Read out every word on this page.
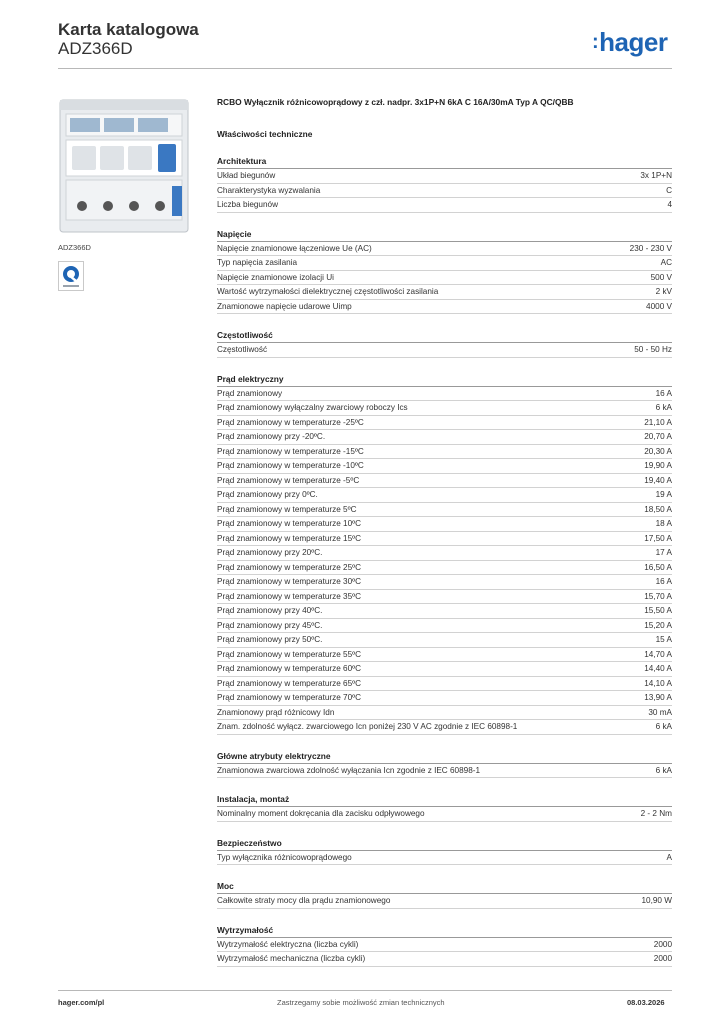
Karta katalogowa
ADZ366D	:hager
ADZ366D
RCBO Wyłącznik różnicowoprądowy z czł. nadpr. 3x1P+N 6kA C 16A/30mA Typ A QC/QBB
Właściwości techniczne
Architektura
Układ biegunów	3x 1P+N
Charakterystyka wyzwalania	C
Liczba biegunów	4
Napięcie
Napięcie znamionowe łączeniowe Ue (AC)	230 - 230 V
Typ napięcia zasilania	AC
Napięcie znamionowe izolacji Ui	500 V
Wartość wytrzymałości dielektrycznej częstotliwości zasilania	2 kV
Znamionowe napięcie udarowe Uimp	4000 V
Częstotliwość
Częstotliwość	50 - 50 Hz
Prąd elektryczny
Prąd znamionowy	16 A
Prąd znamionowy wyłączalny zwarciowy roboczy Ics	6 kA
Prąd znamionowy w temperaturze -25ºC	21,10 A
Prąd znamionowy przy -20ºC.	20,70 A
Prąd znamionowy w temperaturze -15ºC	20,30 A
Prąd znamionowy w temperaturze -10ºC	19,90 A
Prąd znamionowy w temperaturze -5ºC	19,40 A
Prąd znamionowy przy 0ºC.	19 A
Prąd znamionowy w temperaturze 5ºC	18,50 A
Prąd znamionowy w temperaturze 10ºC	18 A
Prąd znamionowy w temperaturze 15ºC	17,50 A
Prąd znamionowy przy 20ºC.	17 A
Prąd znamionowy w temperaturze 25ºC	16,50 A
Prąd znamionowy w temperaturze 30ºC	16 A
Prąd znamionowy w temperaturze 35ºC	15,70 A
Prąd znamionowy przy 40ºC.	15,50 A
Prąd znamionowy przy 45ºC.	15,20 A
Prąd znamionowy przy 50ºC.	15 A
Prąd znamionowy w temperaturze 55ºC	14,70 A
Prąd znamionowy w temperaturze 60ºC	14,40 A
Prąd znamionowy w temperaturze 65ºC	14,10 A
Prąd znamionowy w temperaturze 70ºC	13,90 A
Znamionowy prąd różnicowy Idn	30 mA
Znam. zdolność wyłącz. zwarciowego Icn poniżej 230 V AC zgodnie z IEC 60898-1	6 kA
Główne atrybuty elektryczne
Znamionowa zwarciowa zdolność wyłączania Icn zgodnie z IEC 60898-1	6 kA
Instalacja, montaż
Nominalny moment dokręcania dla zacisku odpływowego	2 - 2 Nm
Bezpieczeństwo
Typ wyłącznika różnicowoprądowego	A
Moc
Całkowite straty mocy dla prądu znamionowego	10,90 W
Wytrzymałość
Wytrzymałość elektryczna (liczba cykli)	2000
Wytrzymałość mechaniczna (liczba cykli)	2000
hager.com/pl	Zastrzegamy sobie możliwość zmian technicznych	08.03.2026
